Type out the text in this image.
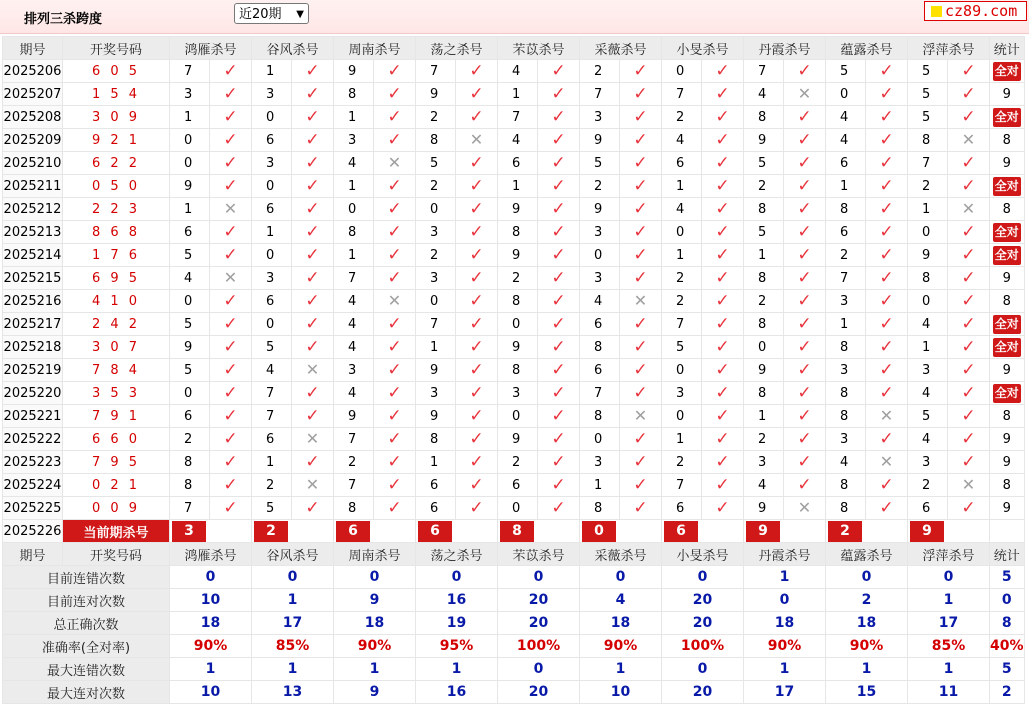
排列三杀跨度	近20期 ▼	cz89.com
期号	开奖号码	鸿雁杀号		谷风杀号		周南杀号		荡之杀号		芣苡杀号		采薇杀号		小旻杀号		丹霞杀号		蕴露杀号		浮萍杀号		统计
2025206	6 0 5	7	✓	1	✓	9	✓	7	✓	4	✓	2	✓	0	✓	7	✓	5	✓	5	✓	全对
2025207	1 5 4	3	✓	3	✓	8	✓	9	✓	1	✓	7	✓	7	✓	4	✕	0	✓	5	✓	9
2025208	3 0 9	1	✓	0	✓	1	✓	2	✓	7	✓	3	✓	2	✓	8	✓	4	✓	5	✓	全对
2025209	9 2 1	0	✓	6	✓	3	✓	8	✕	4	✓	9	✓	4	✓	9	✓	4	✓	8	✕	8
2025210	6 2 2	0	✓	3	✓	4	✕	5	✓	6	✓	5	✓	6	✓	5	✓	6	✓	7	✓	9
2025211	0 5 0	9	✓	0	✓	1	✓	2	✓	1	✓	2	✓	1	✓	2	✓	1	✓	2	✓	全对
2025212	2 2 3	1	✕	6	✓	0	✓	0	✓	9	✓	9	✓	4	✓	8	✓	8	✓	1	✕	8
2025213	8 6 8	6	✓	1	✓	8	✓	3	✓	8	✓	3	✓	0	✓	5	✓	6	✓	0	✓	全对
2025214	1 7 6	5	✓	0	✓	1	✓	2	✓	9	✓	0	✓	1	✓	1	✓	2	✓	9	✓	全对
2025215	6 9 5	4	✕	3	✓	7	✓	3	✓	2	✓	3	✓	2	✓	8	✓	7	✓	8	✓	9
2025216	4 1 0	0	✓	6	✓	4	✕	0	✓	8	✓	4	✕	2	✓	2	✓	3	✓	0	✓	8
2025217	2 4 2	5	✓	0	✓	4	✓	7	✓	0	✓	6	✓	7	✓	8	✓	1	✓	4	✓	全对
2025218	3 0 7	9	✓	5	✓	4	✓	1	✓	9	✓	8	✓	5	✓	0	✓	8	✓	1	✓	全对
2025219	7 8 4	5	✓	4	✕	3	✓	9	✓	8	✓	6	✓	0	✓	9	✓	3	✓	3	✓	9
2025220	3 5 3	0	✓	7	✓	4	✓	3	✓	3	✓	7	✓	3	✓	8	✓	8	✓	4	✓	全对
2025221	7 9 1	6	✓	7	✓	9	✓	9	✓	0	✓	8	✕	0	✓	1	✓	8	✕	5	✓	8
2025222	6 6 0	2	✓	6	✕	7	✓	8	✓	9	✓	0	✓	1	✓	2	✓	3	✓	4	✓	9
2025223	7 9 5	8	✓	1	✓	2	✓	1	✓	2	✓	3	✓	2	✓	3	✓	4	✕	3	✓	9
2025224	0 2 1	8	✓	2	✕	7	✓	6	✓	6	✓	1	✓	7	✓	4	✓	8	✓	2	✕	8
2025225	0 0 9	7	✓	5	✓	8	✓	6	✓	0	✓	8	✓	6	✓	9	✕	8	✓	6	✓	9
2025226	当前期杀号	3		2		6		6		8		0		6		9		2		9		
期号	开奖号码	鸿雁杀号		谷风杀号		周南杀号		荡之杀号		芣苡杀号		采薇杀号		小旻杀号		丹霞杀号		蕴露杀号		浮萍杀号		统计
目前连错次数		0		0		0		0		0		0		0		1		0		0		5
目前连对次数		10		1		9		16		20		4		20		0		2		1		0
总正确次数		18		17		18		19		20		18		20		18		18		17		8
准确率(全对率)		90%		85%		90%		95%		100%		90%		100%		90%		90%		85%		40%
最大连错次数		1		1		1		1		0		1		0		1		1		1		5
最大连对次数		10		13		9		16		20		10		20		17		15		11		2
